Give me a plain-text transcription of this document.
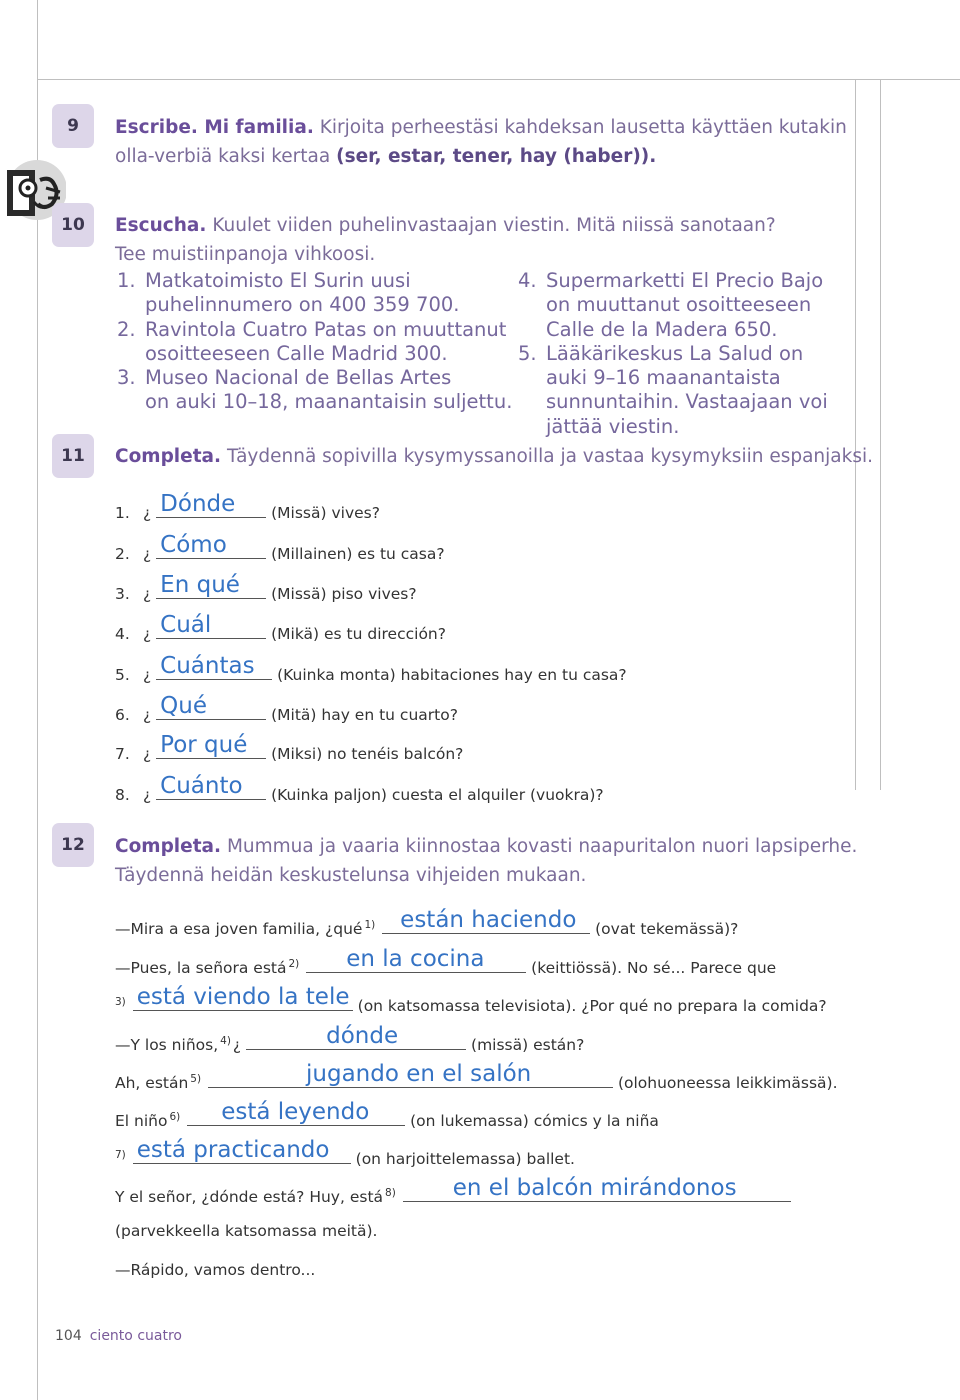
9	Escribe. Mi familia. Kirjoita perheestäsi kahdeksan lausetta käyttäen kutakin
olla-verbiä kaksi kertaa (ser, estar, tener, hay (haber)).
10	Escucha. Kuulet viiden puhelinvastaajan viestin. Mitä niissä sanotaan?
Tee muistiinpanoja vihkoosi.
1. Matkatoimisto El Surin uusi
puhelinnumero on 400 359 700.
2. Ravintola Cuatro Patas on muuttanut
osoitteeseen Calle Madrid 300.
3. Museo Nacional de Bellas Artes
on auki 10–18, maanantaisin suljettu.
4. Supermarketti El Precio Bajo
on muuttanut osoitteeseen
Calle de la Madera 650.
5. Lääkärikeskus La Salud on
auki 9–16 maanantaista
sunnuntaihin. Vastaajaan voi
jättää viestin.
11	Completa. Täydennä sopivilla kysymyssanoilla ja vastaa kysymyksiin espanjaksi.
1. ¿ Dónde (Missä) vives?
2. ¿ Cómo	(Millainen) es tu casa?
3. ¿ En qué (Missä) piso vives?
4. ¿ Cuál	(Mikä) es tu dirección?
5. ¿ Cuántas (Kuinka monta) habitaciones hay en tu casa?
6. ¿ Qué	(Mitä) hay en tu cuarto?
7. ¿ Por qué (Miksi) no tenéis balcón?
8. ¿ Cuánto (Kuinka paljon) cuesta el alquiler (vuokra)?
12	Completa. Mummua ja vaaria kiinnostaa kovasti naapuritalon nuori lapsiperhe.
Täydennä heidän keskustelunsa vihjeiden mukaan.
—Mira a esa joven familia, ¿qué $^{1)}$ están haciendo (ovat tekemässä)?
—Pues, la señora está $^{2)}$ en la cocina	(keittiössä). No sé... Parece que
$^{3)}$ está viendo la tele (on katsomassa televisiota). ¿Por qué no prepara la comida?
—Y los niños, $^{4)}$ ¿	dónde	(missä) están?
Ah, están $^{5)}$	jugando en el salón	(olohuoneessa leikkimässä).
El niño $^{6)}$ está leyendo	(on lukemassa) cómics y la niña
$^{7)}$ está practicando (on harjoittelemassa) ballet.
Y el señor, ¿dónde está? Huy, está $^{8)}$ en el balcón mirándonos
(parvekkeella katsomassa meitä).
—Rápido, vamos dentro...
104 ciento cuatro
